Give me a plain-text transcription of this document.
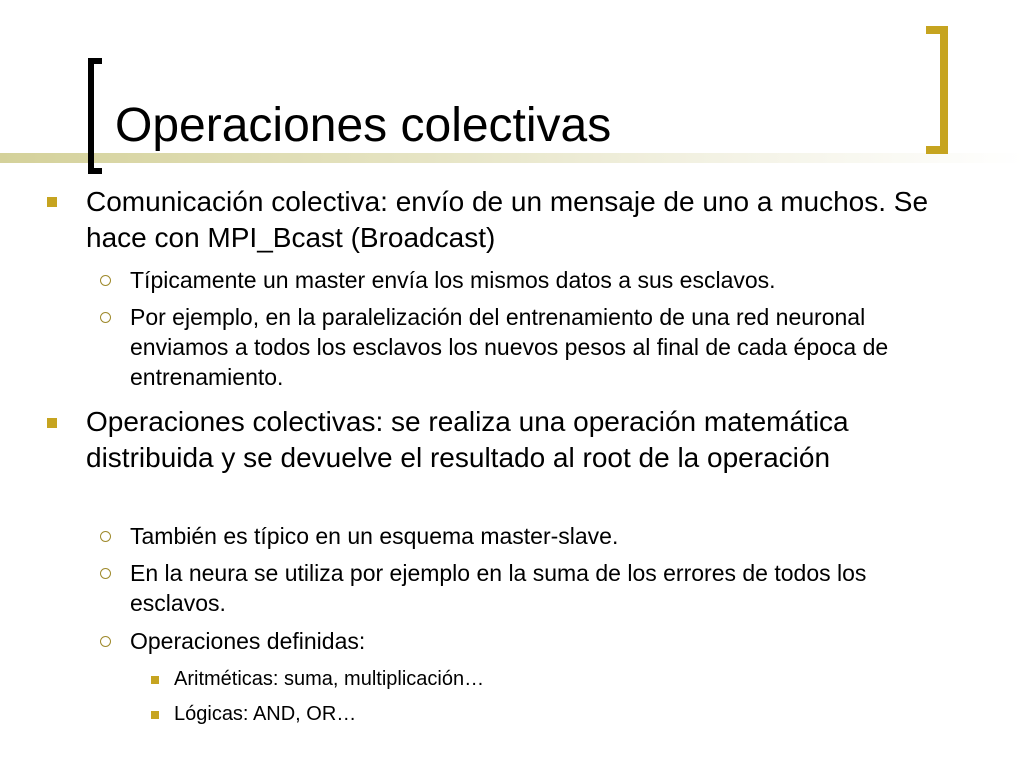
Operaciones colectivas

Comunicación colectiva: envío de un mensaje de uno a muchos. Se hace con MPI_Bcast (Broadcast)

Típicamente un master envía los mismos datos a sus esclavos.

Por ejemplo, en la paralelización del entrenamiento de una red neuronal enviamos a todos los esclavos los nuevos pesos al final de cada época de entrenamiento.

Operaciones colectivas: se realiza una operación matemática distribuida y se devuelve el resultado al root de la operación

También es típico en un esquema master-slave.

En la neura se utiliza por ejemplo en la suma de los errores de todos los esclavos.

Operaciones definidas:

Aritméticas: suma, multiplicación…

Lógicas: AND, OR…
